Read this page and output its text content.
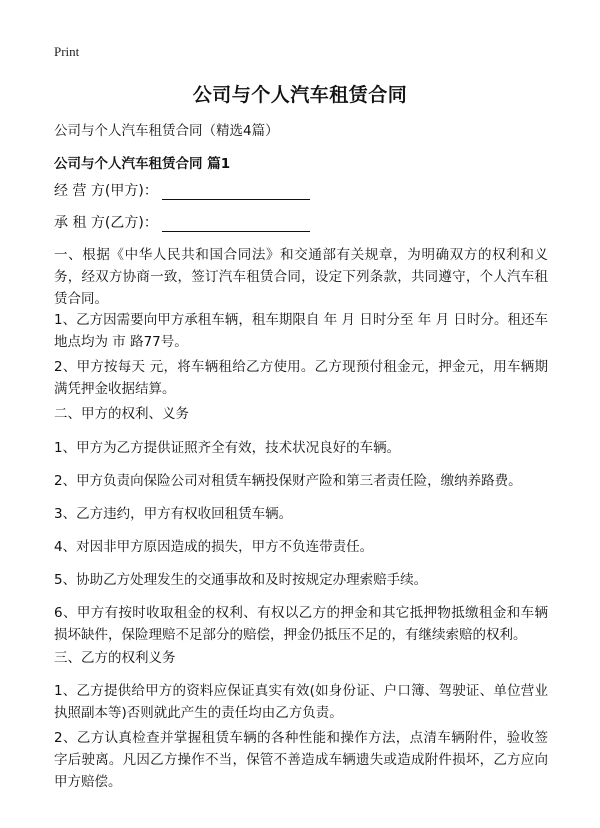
Print
公司与个人汽车租赁合同
公司与个人汽车租赁合同（精选4篇）
公司与个人汽车租赁合同 篇1
经 营 方(甲方)：
承 租 方(乙方)：

一、根据《中华人民共和国合同法》和交通部有关规章，为明确双方的权利和义务，经双方协商一致，签订汽车租赁合同，设定下列条款，共同遵守，个人汽车租赁合同。

1、乙方因需要向甲方承租车辆，租车期限自 年 月 日时分至 年 月 日时分。租还车地点均为 市 路77号。

2、甲方按每天 元，将车辆租给乙方使用。乙方现预付租金元，押金元，用车辆期满凭押金收据结算。

二、甲方的权利、义务

1、甲方为乙方提供证照齐全有效，技术状况良好的车辆。

2、甲方负责向保险公司对租赁车辆投保财产险和第三者责任险，缴纳养路费。

3、乙方违约，甲方有权收回租赁车辆。

4、对因非甲方原因造成的损失，甲方不负连带责任。

5、协助乙方处理发生的交通事故和及时按规定办理索赔手续。

6、甲方有按时收取租金的权利、有权以乙方的押金和其它抵押物抵缴租金和车辆损坏缺件，保险理赔不足部分的赔偿，押金仍抵压不足的，有继续索赔的权利。

三、乙方的权利义务

1、乙方提供给甲方的资料应保证真实有效(如身份证、户口簿、驾驶证、单位营业执照副本等)否则就此产生的责任均由乙方负责。

2、乙方认真检查并掌握租赁车辆的各种性能和操作方法，点清车辆附件，验收签字后驶离。凡因乙方操作不当，保管不善造成车辆遗失或造成附件损坏，乙方应向甲方赔偿。
